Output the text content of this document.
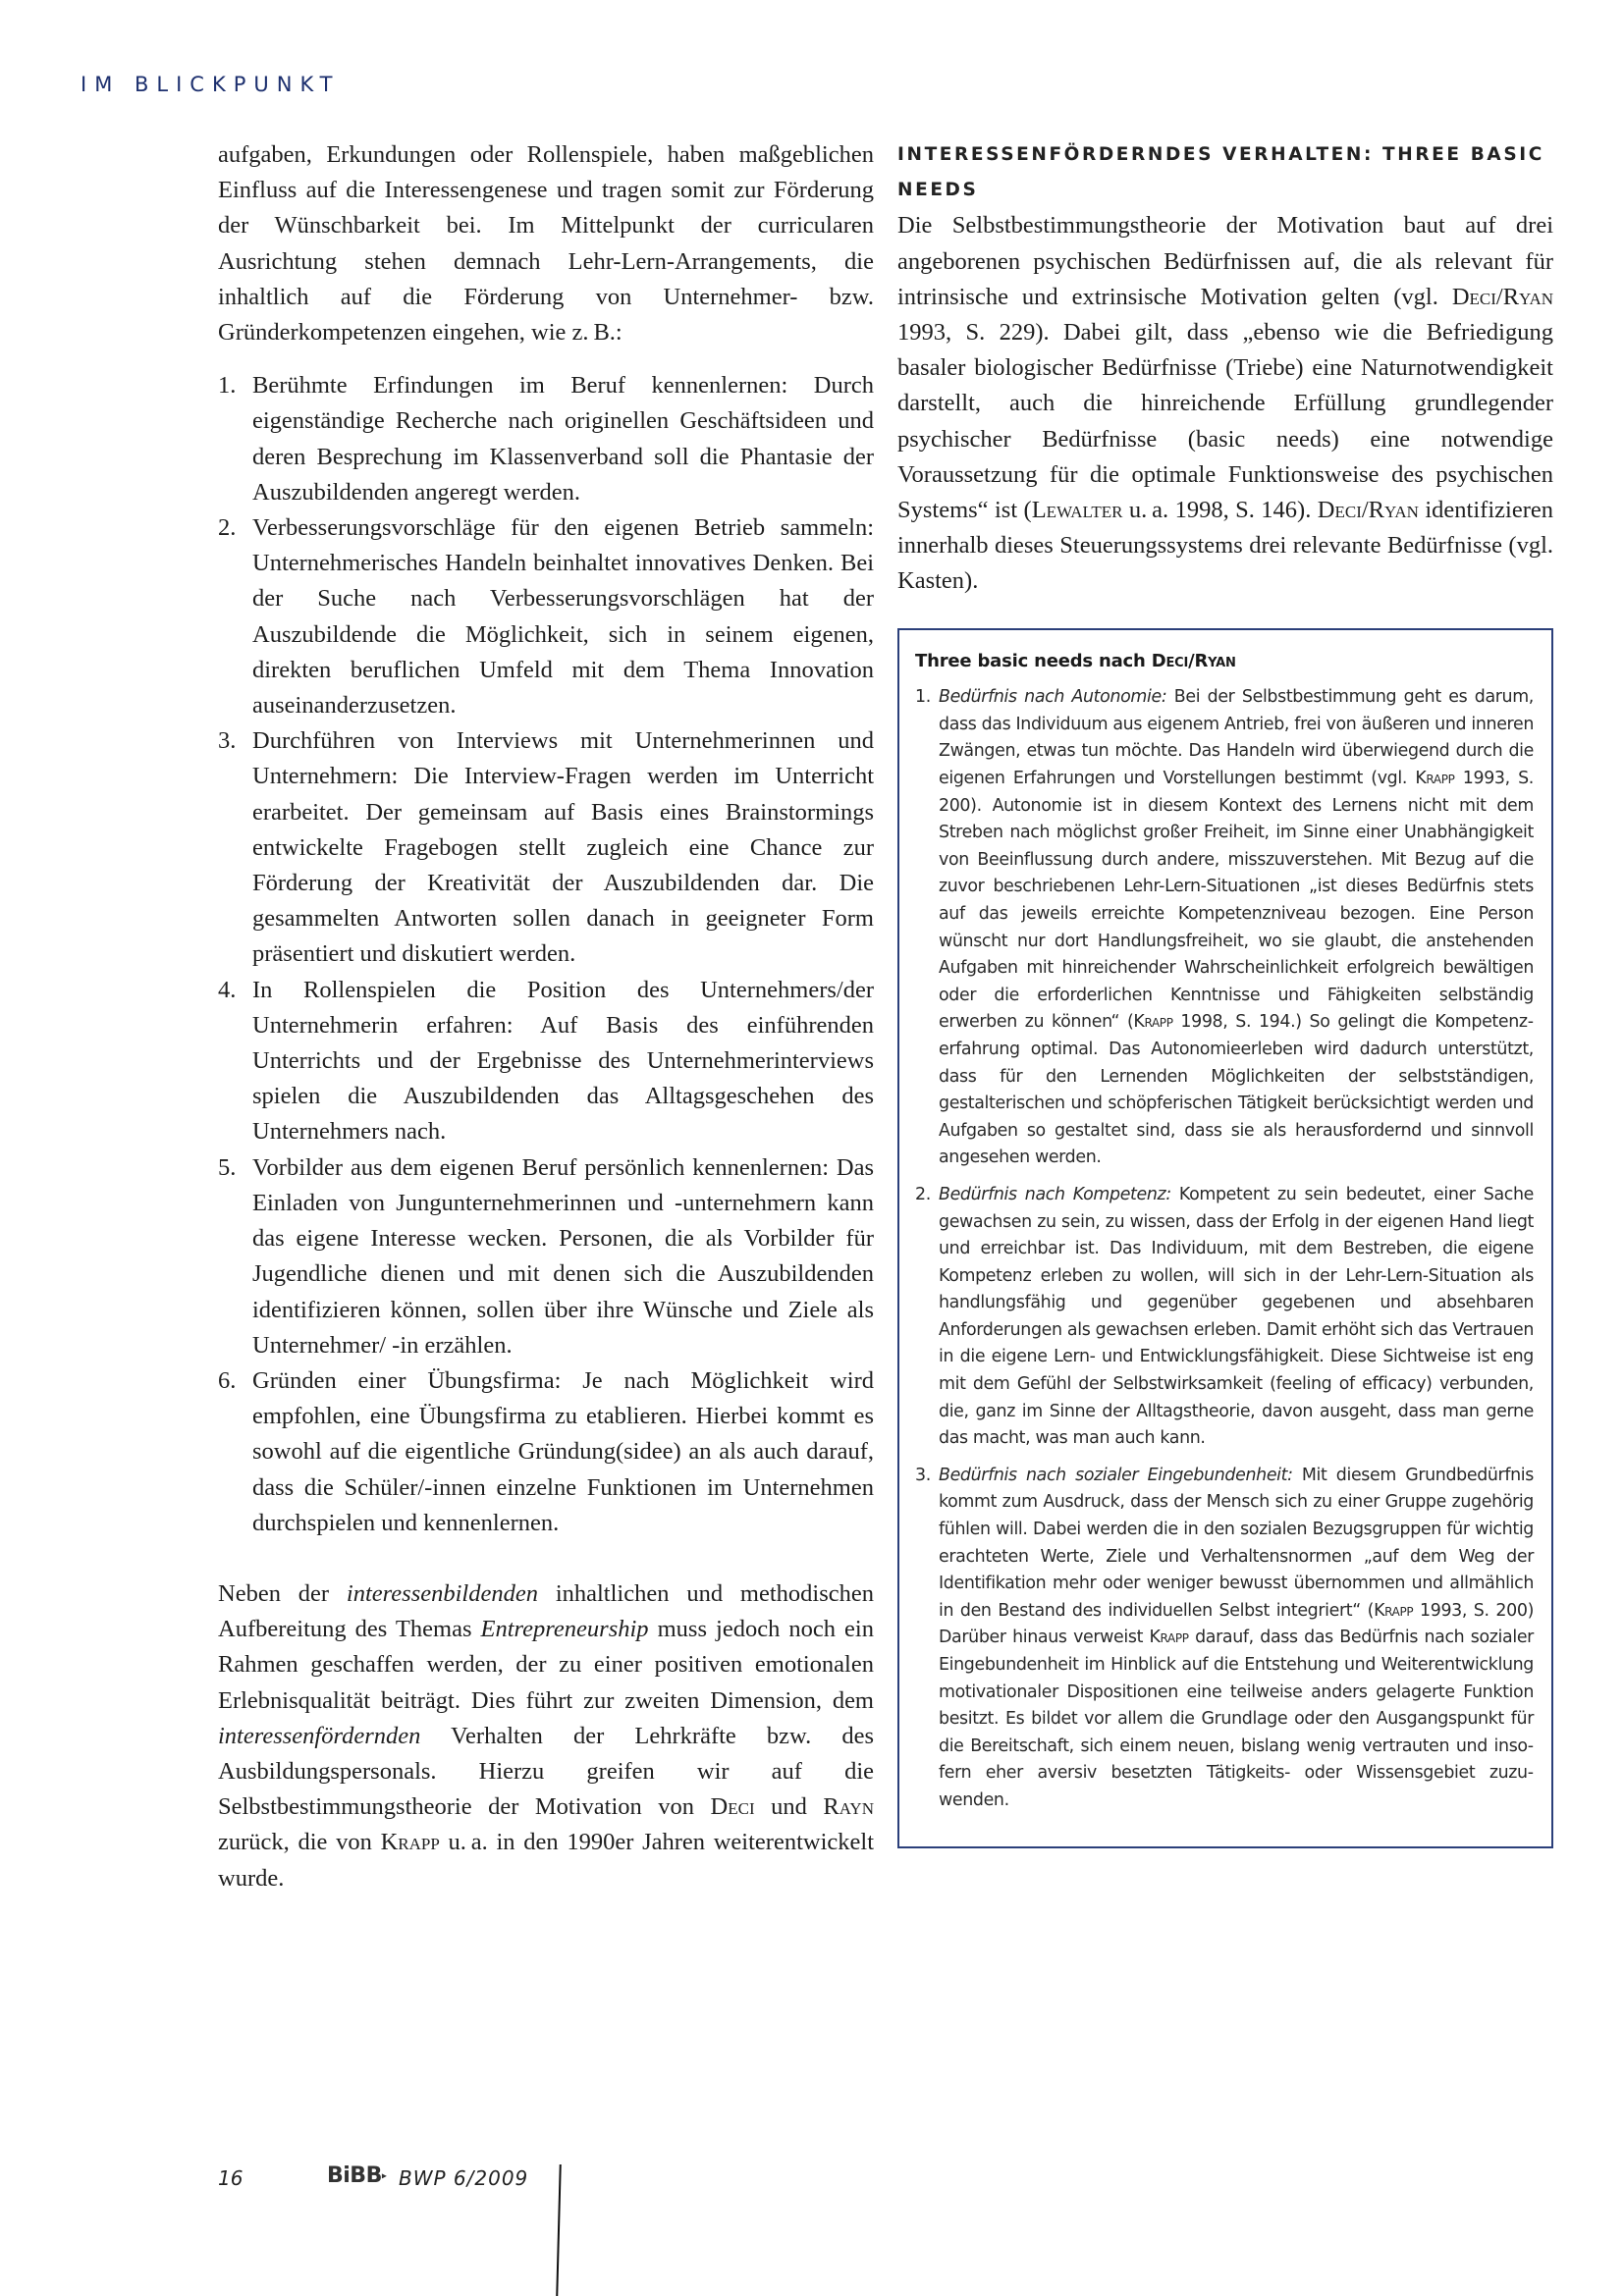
IM BLICKPUNKT

aufgaben, Erkundungen oder Rollenspiele, haben maßgeblichen Einfluss auf die Interessengenese und tragen somit zur Förderung der Wünschbarkeit bei. Im Mittelpunkt der curricularen Ausrichtung stehen demnach Lehr-Lern-Arrangements, die inhaltlich auf die Förderung von Unternehmer- bzw. Gründerkompetenzen eingehen, wie z. B.:

1. Berühmte Erfindungen im Beruf kennenlernen: Durch eigenständige Recherche nach originellen Geschäftsideen und deren Besprechung im Klassenverband soll die Phantasie der Auszubildenden angeregt werden.
2. Verbesserungsvorschläge für den eigenen Betrieb sammeln: Unternehmerisches Handeln beinhaltet innovatives Denken. Bei der Suche nach Verbesserungsvorschlägen hat der Auszubildende die Möglichkeit, sich in seinem eigenen, direkten beruflichen Umfeld mit dem Thema Innovation auseinanderzusetzen.
3. Durchführen von Interviews mit Unternehmerinnen und Unternehmern: Die Interview-Fragen werden im Unterricht erarbeitet. Der gemeinsam auf Basis eines Brainstormings entwickelte Fragebogen stellt zugleich eine Chance zur Förderung der Kreativität der Auszubildenden dar. Die gesammelten Antworten sollen danach in geeigneter Form präsentiert und diskutiert werden.
4. In Rollenspielen die Position des Unternehmers/der Unternehmerin erfahren: Auf Basis des einführenden Unterrichts und der Ergebnisse des Unternehmerinterviews spielen die Auszubildenden das Alltagsgeschehen des Unternehmers nach.
5. Vorbilder aus dem eigenen Beruf persönlich kennenlernen: Das Einladen von Jungunternehmerinnen und -unternehmern kann das eigene Interesse wecken. Personen, die als Vorbilder für Jugendliche dienen und mit denen sich die Auszubildenden identifizieren können, sollen über ihre Wünsche und Ziele als Unternehmer/ -in erzählen.
6. Gründen einer Übungsfirma: Je nach Möglichkeit wird empfohlen, eine Übungsfirma zu etablieren. Hierbei kommt es sowohl auf die eigentliche Gründung(sidee) an als auch darauf, dass die Schüler/-innen einzelne Funktionen im Unternehmen durchspielen und kennenlernen.

Neben der interessenbildenden inhaltlichen und methodischen Aufbereitung des Themas Entrepreneurship muss jedoch noch ein Rahmen geschaffen werden, der zu einer positiven emotionalen Erlebnisqualität beiträgt. Dies führt zur zweiten Dimension, dem interessenfördernden Verhalten der Lehrkräfte bzw. des Ausbildungspersonals. Hierzu greifen wir auf die Selbstbestimmungstheorie der Motivation von Deci und Rayn zurück, die von Krapp u. a. in den 1990er Jahren weiterentwickelt wurde.

INTERESSENFÖRDERNDES VERHALTEN: THREE BASIC NEEDS

Die Selbstbestimmungstheorie der Motivation baut auf drei angeborenen psychischen Bedürfnissen auf, die als relevant für intrinsische und extrinsische Motivation gelten (vgl. Deci/Ryan 1993, S. 229). Dabei gilt, dass „ebenso wie die Befriedigung basaler biologischer Bedürfnisse (Triebe) eine Naturnotwendigkeit darstellt, auch die hinreichende Erfüllung grundlegender psychischer Bedürfnisse (basic needs) eine notwendige Voraussetzung für die optimale Funktionsweise des psychischen Systems“ ist (Lewalter u. a. 1998, S. 146). Deci/Ryan identifizieren innerhalb dieses Steuerungssystems drei relevante Bedürfnisse (vgl. Kasten).

Three basic needs nach Deci/Ryan
1. Bedürfnis nach Autonomie: Bei der Selbstbestimmung geht es darum, dass das Individuum aus eigenem Antrieb, frei von äußeren und inneren Zwängen, etwas tun möchte. Das Handeln wird überwiegend durch die eigenen Erfahrungen und Vorstellungen bestimmt (vgl. Krapp 1993, S. 200). Autonomie ist in diesem Kontext des Lernens nicht mit dem Streben nach möglichst großer Freiheit, im Sinne einer Unabhängigkeit von Beeinflussung durch andere, misszuverstehen. Mit Bezug auf die zuvor beschriebenen Lehr-Lern-Situationen „ist dieses Bedürfnis stets auf das jeweils erreichte Kompetenzniveau bezogen. Eine Person wünscht nur dort Handlungsfreiheit, wo sie glaubt, die anstehenden Aufgaben mit hinreichender Wahrscheinlichkeit erfolgreich bewältigen oder die erforderlichen Kenntnisse und Fähigkeiten selbständig erwerben zu können“ (Krapp 1998, S. 194.) So gelingt die Kompetenzerfahrung optimal. Das Autonomieerleben wird dadurch unterstützt, dass für den Lernenden Möglichkeiten der selbstständigen, gestalterischen und schöpferischen Tätigkeit berücksichtigt werden und Aufgaben so gestaltet sind, dass sie als herausfordernd und sinnvoll angesehen werden.
2. Bedürfnis nach Kompetenz: Kompetent zu sein bedeutet, einer Sache gewachsen zu sein, zu wissen, dass der Erfolg in der eigenen Hand liegt und erreichbar ist. Das Individuum, mit dem Bestreben, die eigene Kompetenz erleben zu wollen, will sich in der Lehr-Lern-Situation als handlungsfähig und gegenüber gegebenen und absehbaren Anforderungen als gewachsen erleben. Damit erhöht sich das Vertrauen in die eigene Lern- und Entwicklungsfähigkeit. Diese Sichtweise ist eng mit dem Gefühl der Selbstwirksamkeit (feeling of efficacy) verbunden, die, ganz im Sinne der Alltagstheorie, davon ausgeht, dass man gerne das macht, was man auch kann.
3. Bedürfnis nach sozialer Eingebundenheit: Mit diesem Grundbedürfnis kommt zum Ausdruck, dass der Mensch sich zu einer Gruppe zugehörig fühlen will. Dabei werden die in den sozialen Bezugsgruppen für wichtig erachteten Werte, Ziele und Verhaltensnormen „auf dem Weg der Identifikation mehr oder weniger bewusst übernommen und allmählich in den Bestand des individuellen Selbst integriert“ (Krapp 1993, S. 200) Darüber hinaus verweist Krapp darauf, dass das Bedürfnis nach sozialer Eingebundenheit im Hinblick auf die Entstehung und Weiterentwicklung motivationaler Dispositionen eine teilweise anders gelagerte Funktion besitzt. Es bildet vor allem die Grundlage oder den Ausgangspunkt für die Bereitschaft, sich einem neuen, bislang wenig vertrauten und insofern eher aversiv besetzten Tätigkeits- oder Wissensgebiet zuzuwenden.
16	BiBB▸ BWP 6/2009
